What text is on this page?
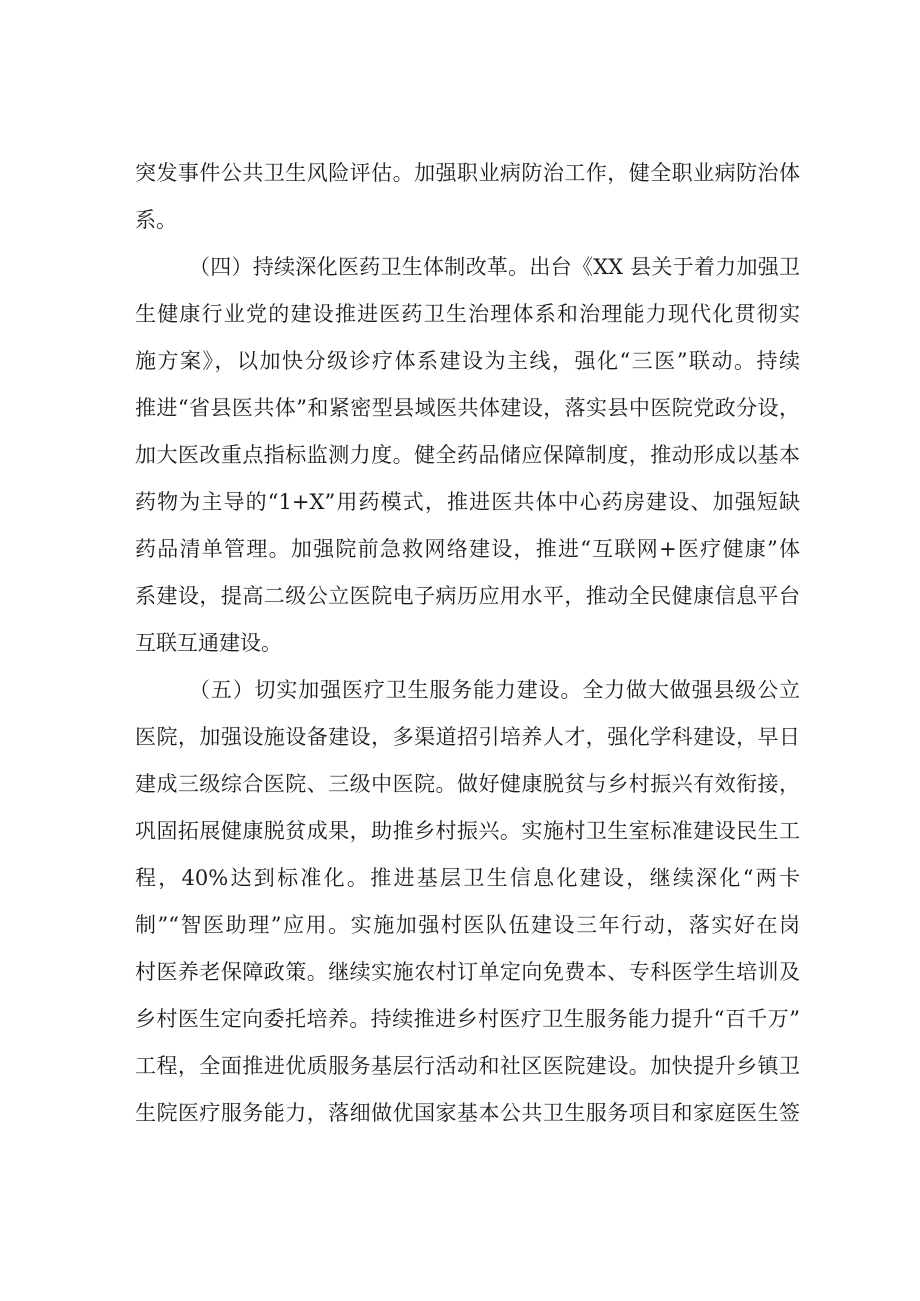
突发事件公共卫生风险评估。加强职业病防治工作，健全职业病防治体
系。
（四）持续深化医药卫生体制改革。出台《XX 县关于着力加强卫
生健康行业党的建设推进医药卫生治理体系和治理能力现代化贯彻实
施方案》，以加快分级诊疗体系建设为主线，强化“三医”联动。持续
推进“省县医共体”和紧密型县域医共体建设，落实县中医院党政分设，
加大医改重点指标监测力度。健全药品储应保障制度，推动形成以基本
药物为主导的“1+X”用药模式，推进医共体中心药房建设、加强短缺
药品清单管理。加强院前急救网络建设，推进“互联网+医疗健康”体
系建设，提高二级公立医院电子病历应用水平，推动全民健康信息平台
互联互通建设。
（五）切实加强医疗卫生服务能力建设。全力做大做强县级公立
医院，加强设施设备建设，多渠道招引培养人才，强化学科建设，早日
建成三级综合医院、三级中医院。做好健康脱贫与乡村振兴有效衔接，
巩固拓展健康脱贫成果，助推乡村振兴。实施村卫生室标准建设民生工
程，40%达到标准化。推进基层卫生信息化建设，继续深化“两卡
制”“智医助理”应用。实施加强村医队伍建设三年行动，落实好在岗
村医养老保障政策。继续实施农村订单定向免费本、专科医学生培训及
乡村医生定向委托培养。持续推进乡村医疗卫生服务能力提升“百千万”
工程，全面推进优质服务基层行活动和社区医院建设。加快提升乡镇卫
生院医疗服务能力，落细做优国家基本公共卫生服务项目和家庭医生签
